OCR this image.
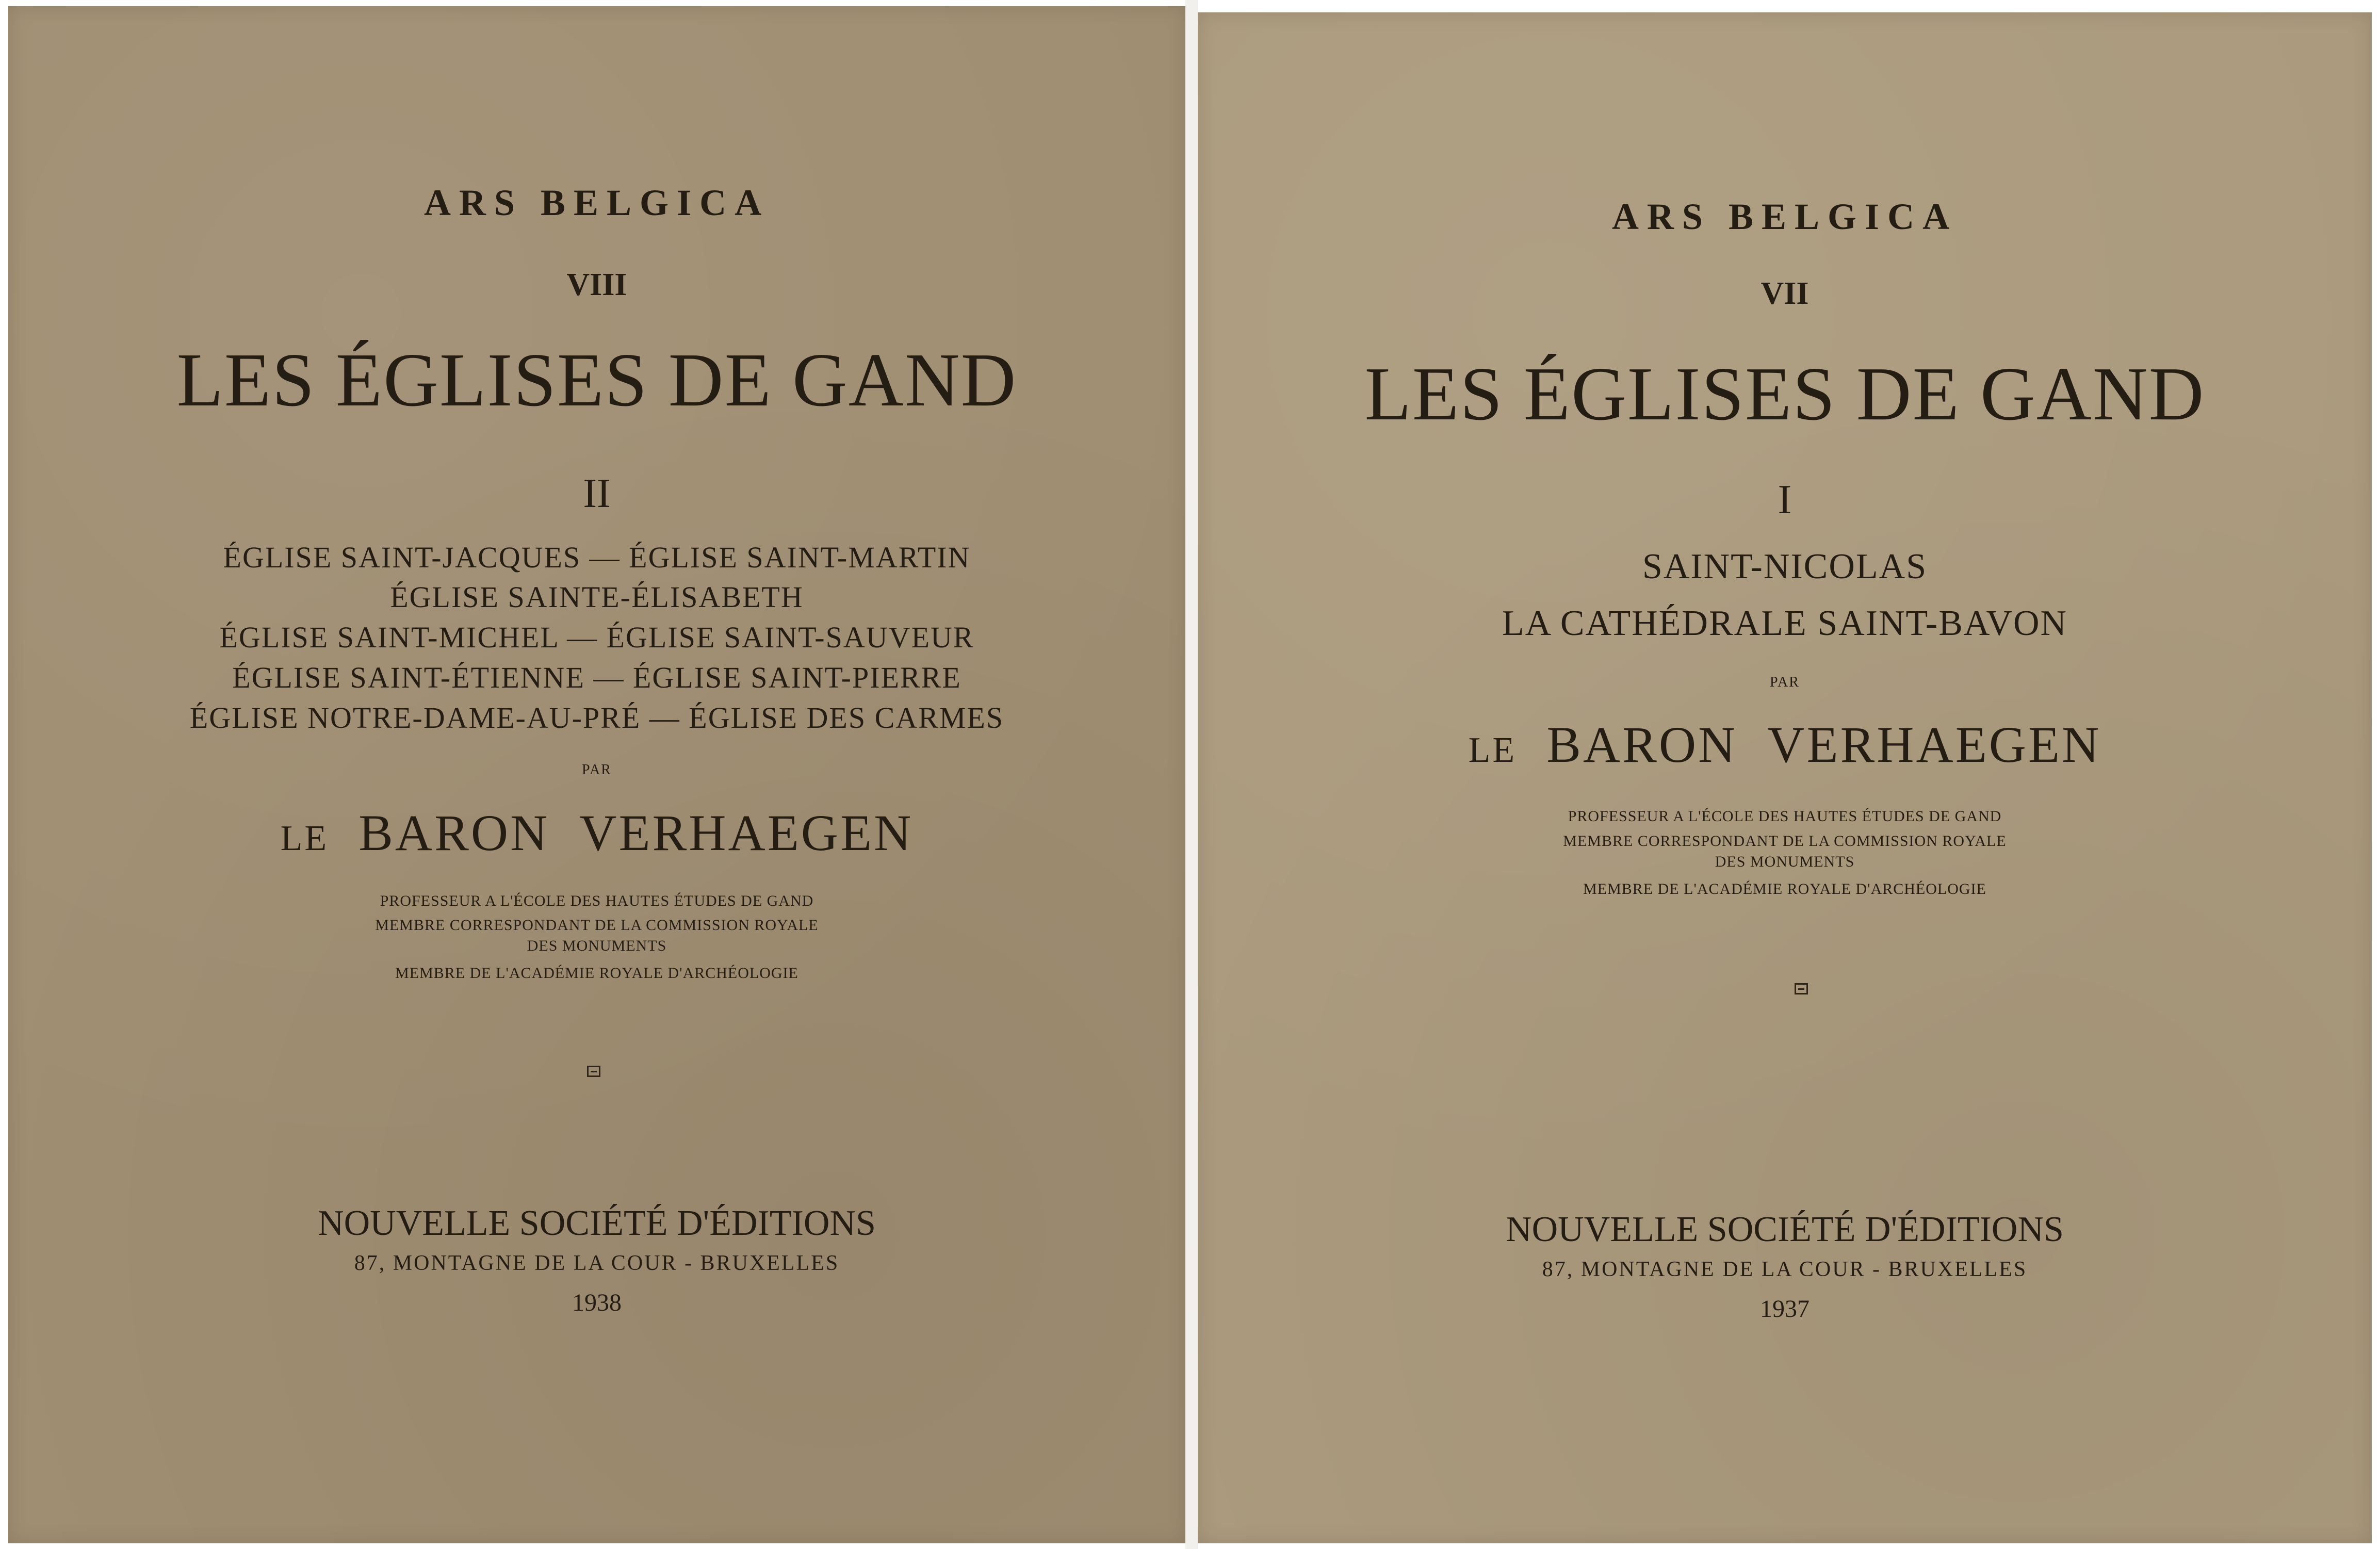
ARS BELGICA
VIII
LES ÉGLISES DE GAND
II
ÉGLISE SAINT-JACQUES — ÉGLISE SAINT-MARTIN
ÉGLISE SAINTE-ÉLISABETH
ÉGLISE SAINT-MICHEL — ÉGLISE SAINT-SAUVEUR
ÉGLISE SAINT-ÉTIENNE — ÉGLISE SAINT-PIERRE
ÉGLISE NOTRE-DAME-AU-PRÉ — ÉGLISE DES CARMES
PAR
LE BARON VERHAEGEN
PROFESSEUR A L'ÉCOLE DES HAUTES ÉTUDES DE GAND
MEMBRE CORRESPONDANT DE LA COMMISSION ROYALE
DES MONUMENTS
MEMBRE DE L'ACADÉMIE ROYALE D'ARCHÉOLOGIE
NOUVELLE SOCIÉTÉ D'ÉDITIONS
87, MONTAGNE DE LA COUR - BRUXELLES
1938
ARS BELGICA
VII
LES ÉGLISES DE GAND
I
SAINT-NICOLAS
LA CATHÉDRALE SAINT-BAVON
PAR
LE BARON VERHAEGEN
PROFESSEUR A L'ÉCOLE DES HAUTES ÉTUDES DE GAND
MEMBRE CORRESPONDANT DE LA COMMISSION ROYALE
DES MONUMENTS
MEMBRE DE L'ACADÉMIE ROYALE D'ARCHÉOLOGIE
NOUVELLE SOCIÉTÉ D'ÉDITIONS
87, MONTAGNE DE LA COUR - BRUXELLES
1937
